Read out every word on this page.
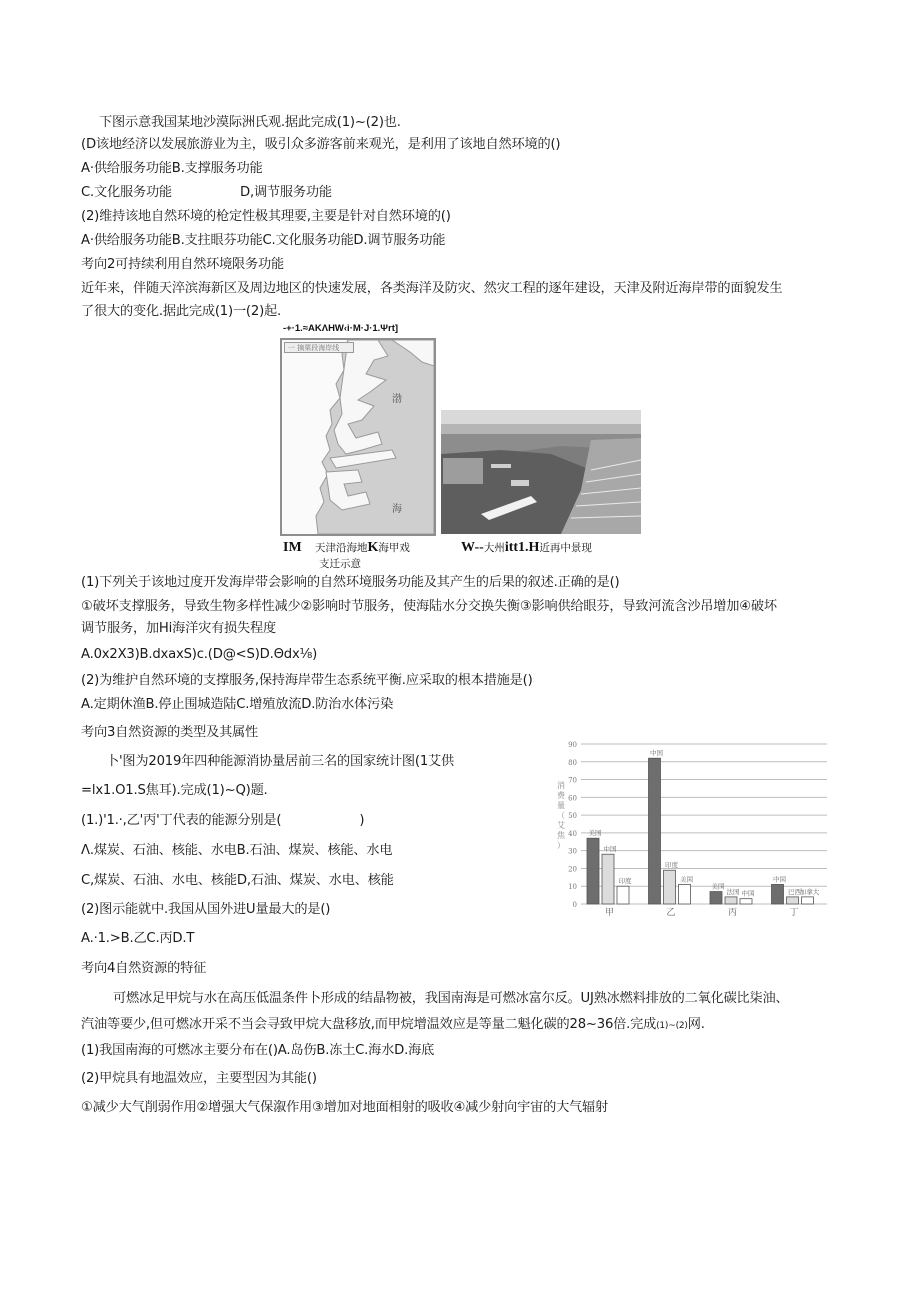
下图示意我国某地沙漠际洲氏观.据此完成(1)~(2)也.
(D该地经济以发展旅游业为主，吸引众多游客前来观光，是利用了该地自然环境的()
A·供给服务功能B.支撑服务功能
C.文化服务功能	D,调节服务功能
(2)维持该地自然环境的枪定性极其理要,主要是针对自然环境的()
A·供给服务功能B.支拄眼芬功能C.文化服务功能D.调节服务功能
考向2可持续利用自然环境限务功能
近年来，伴随天淬滨海新区及周边地区的快速发展，各类海洋及防灾、然灾工程的逐年建设，天津及附近海岸带的面貌发生
了很大的变化.据此完成(1)一(2)起.
-+·1.≈AKΛHW‹i·M·J·1.Ψrt]
一 摘栗段海岸线
渤
海
IM 天津沿海地K海甲戏
支迁示意
W--大州itt1.H近再中景现
(1)下列关于该地过度开发海岸带会影响的自然环境服务功能及其产生的后果的叙述.正确的是()
①破坏支撑服务，导致生物多样性减少②影响时节服务，使海陆水分交换失衡③影响供给眼芬，导致河流含沙吊增加④破坏
调节服务，加Hi海洋灾有损失程度
A.0x2X3)B.dxaxS)c.(D@<S)D.Θdx⅛)
(2)为维护自然环境的支撑服务,保持海岸带生态系统平衡.应采取的根本措施是()
A.定期休渔B.停止围城造陆C.增殖放流D.防治水体污染
考向3自然资源的类型及其属性
卜'图为2019年四种能源消协量居前三名的国家统计图(1艾供
=lx1.O1.S焦耳).完成(1)~Q)题.
(1.)'1.·,乙'丙'丁代表的能源分别是(	)
Λ.煤炭、石油、核能、水电B.石油、煤炭、核能、水电
C,煤炭、石油、水电、核能D,石油、煤炭、水电、核能
(2)图示能就中.我国从国外进U量最大的是()
A.·1.>B.乙C.丙D.T
0
10
20
30
40
50
60
70
80
90
消
费
量
（
艾
焦
）
美国
中国
印度
甲
中国
印度
美国
乙
美国
法国 中国
丙
中国
巴西
加拿大
丁
考向4自然资源的特征
可燃冰足甲烷与水在高压低温条件卜形成的结晶物被，我国南海是可燃冰富尔反。UJ熟冰燃料排放的二氧化碳比柒油、
汽油等要少,但可燃冰开采不当会寻致甲烷大盘移放,而甲烷增温效应是等量二魁化碳的28~36倍.完成(1)~(2)网.
(1)我国南海的可燃冰主要分布在()A.岛伤B.冻土C.海水D.海底
(2)甲烷具有地温效应，主要型因为其能()
①减少大气削弱作用②增强大气保溆作用③增加对地面相射的吸收④减少射向宇宙的大气辐射
